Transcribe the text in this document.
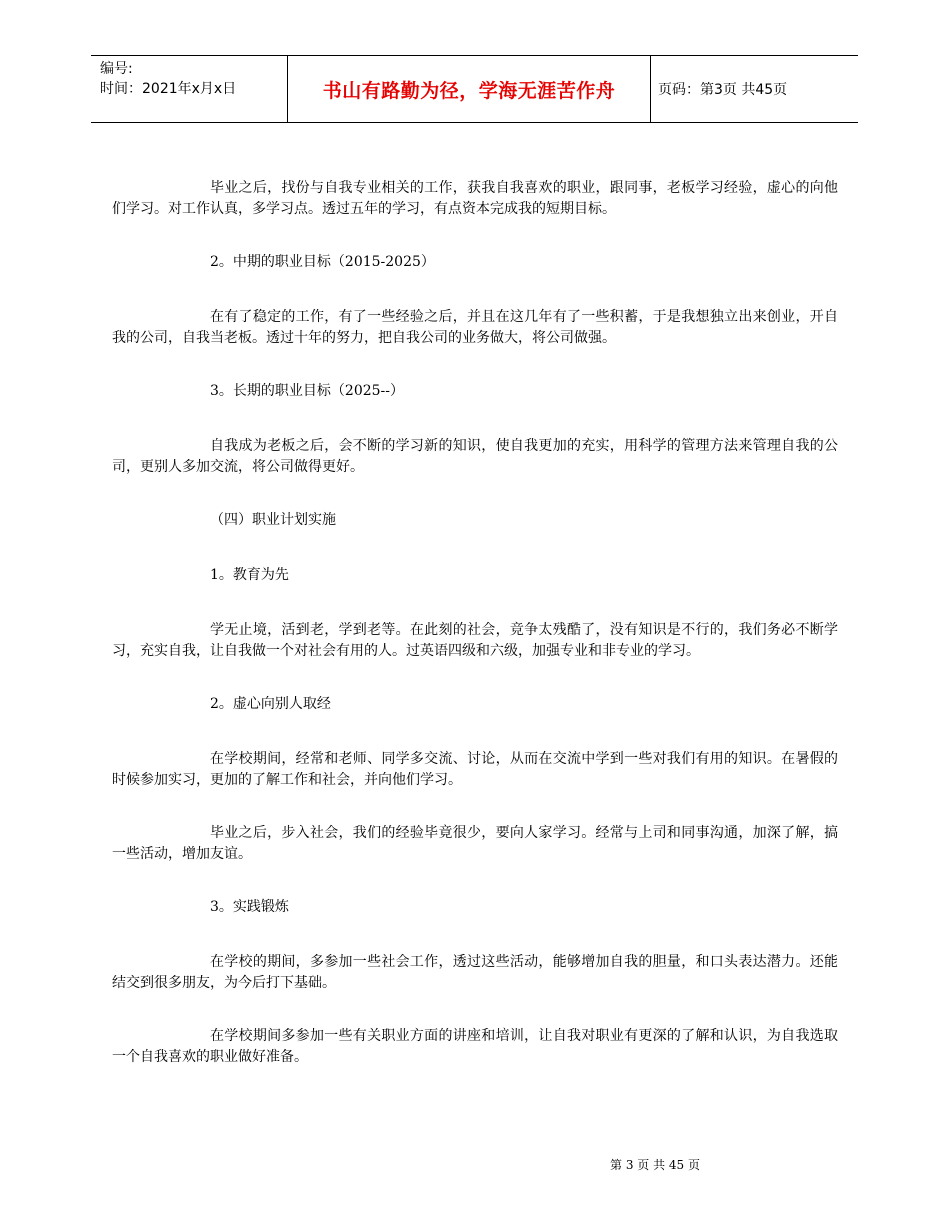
编号:
时间：2021年x月x日	书山有路勤为径，学海无涯苦作舟	页码：第3页 共45页

毕业之后，找份与自我专业相关的工作，获我自我喜欢的职业，跟同事，老板学习经验，虚心的向他们学习。对工作认真，多学习点。透过五年的学习，有点资本完成我的短期目标。

2。中期的职业目标（2015-2025）

在有了稳定的工作，有了一些经验之后，并且在这几年有了一些积蓄，于是我想独立出来创业，开自我的公司，自我当老板。透过十年的努力，把自我公司的业务做大，将公司做强。

3。长期的职业目标（2025--）

自我成为老板之后，会不断的学习新的知识，使自我更加的充实，用科学的管理方法来管理自我的公司，更别人多加交流，将公司做得更好。

（四）职业计划实施

1。教育为先

学无止境，活到老，学到老等。在此刻的社会，竞争太残酷了，没有知识是不行的，我们务必不断学习，充实自我，让自我做一个对社会有用的人。过英语四级和六级，加强专业和非专业的学习。

2。虚心向别人取经

在学校期间，经常和老师、同学多交流、讨论，从而在交流中学到一些对我们有用的知识。在暑假的时候参加实习，更加的了解工作和社会，并向他们学习。

毕业之后，步入社会，我们的经验毕竟很少，要向人家学习。经常与上司和同事沟通，加深了解，搞一些活动，增加友谊。

3。实践锻炼

在学校的期间，多参加一些社会工作，透过这些活动，能够增加自我的胆量，和口头表达潜力。还能结交到很多朋友，为今后打下基础。

在学校期间多参加一些有关职业方面的讲座和培训，让自我对职业有更深的了解和认识，为自我选取一个自我喜欢的职业做好准备。

第 3 页 共 45 页
